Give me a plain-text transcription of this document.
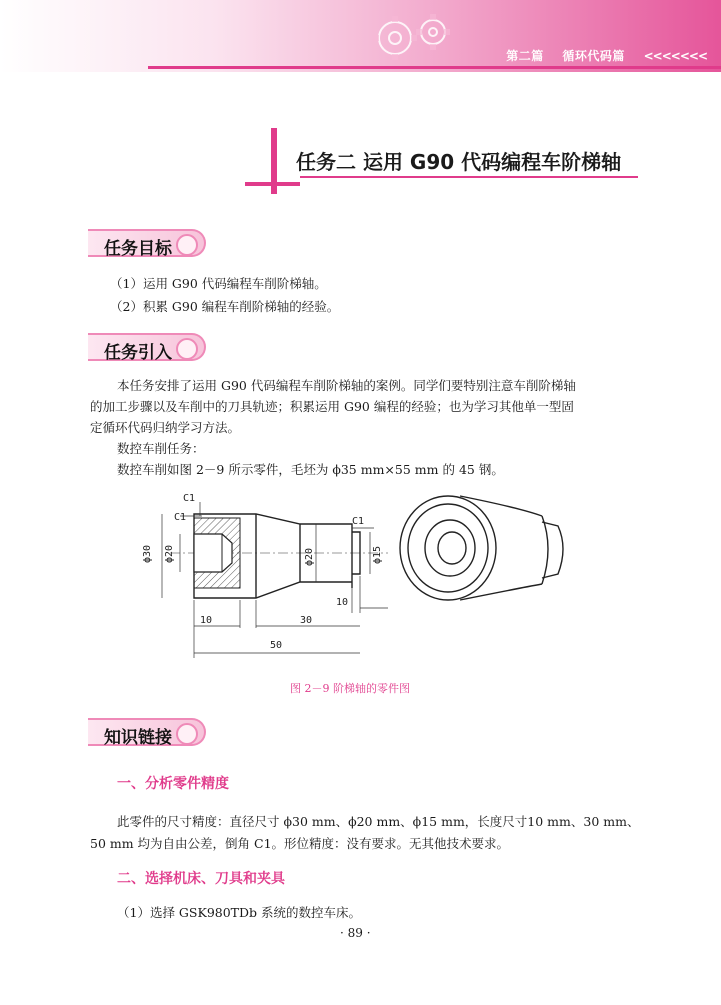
第二篇 循环代码篇 <<<<<<<
任务二 运用 G90 代码编程车阶梯轴
任务目标
（1）运用 G90 代码编程车削阶梯轴。
（2）积累 G90 编程车削阶梯轴的经验。
任务引入
本任务安排了运用 G90 代码编程车削阶梯轴的案例。同学们要特别注意车削阶梯轴
的加工步骤以及车削中的刀具轨迹；积累运用 G90 编程的经验；也为学习其他单一型固
定循环代码归纳学习方法。
数控车削任务：
数控车削如图 2－9 所示零件，毛坯为 ϕ35 mm×55 mm 的 45 钢。
C1
C1	C1
ϕ30 ϕ20	ϕ20	ϕ15
10
10	30
50
图 2－9 阶梯轴的零件图
知识链接
一、分析零件精度
此零件的尺寸精度：直径尺寸 ϕ30 mm、ϕ20 mm、ϕ15 mm，长度尺寸10 mm、30 mm、
50 mm 均为自由公差，倒角 C1。形位精度：没有要求。无其他技术要求。
二、选择机床、刀具和夹具
（1）选择 GSK980TDb 系统的数控车床。
· 89 ·
